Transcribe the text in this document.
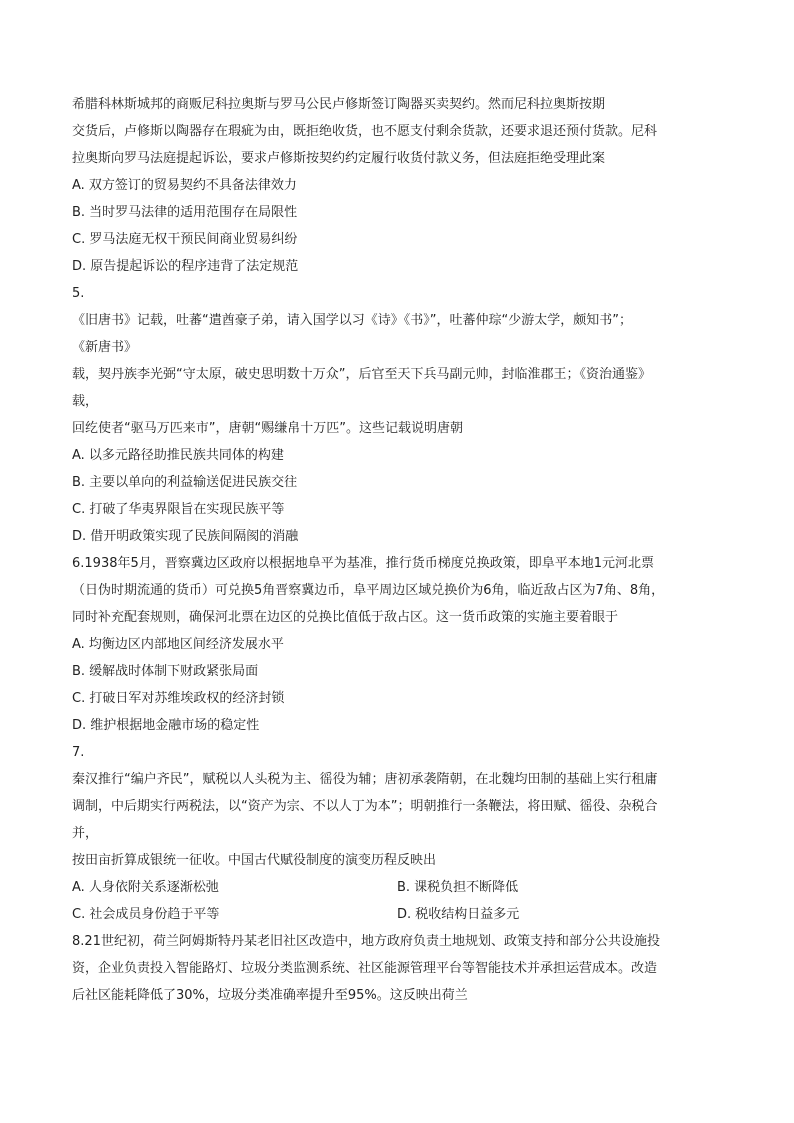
希腊科林斯城邦的商贩尼科拉奥斯与罗马公民卢修斯签订陶器买卖契约。然而尼科拉奥斯按期
交货后，卢修斯以陶器存在瑕疵为由，既拒绝收货，也不愿支付剩余货款，还要求退还预付货款。尼科
拉奥斯向罗马法庭提起诉讼，要求卢修斯按契约约定履行收货付款义务，但法庭拒绝受理此案
A. 双方签订的贸易契约不具备法律效力
B. 当时罗马法律的适用范围存在局限性
C. 罗马法庭无权干预民间商业贸易纠纷
D. 原告提起诉讼的程序违背了法定规范
5.
《旧唐书》记载，吐蕃“遣酋豪子弟，请入国学以习《诗》《书》”，吐蕃仲琮“少游太学，颇知书”；
《新唐书》
载，契丹族李光弼“守太原，破史思明数十万众”，后官至天下兵马副元帅，封临淮郡王；《资治通鉴》
载，
回纥使者“驱马万匹来市”，唐朝“赐缣帛十万匹”。这些记载说明唐朝
A. 以多元路径助推民族共同体的构建
B. 主要以单向的利益输送促进民族交往
C. 打破了华夷界限旨在实现民族平等
D. 借开明政策实现了民族间隔阂的消融
6.1938年5月，晋察冀边区政府以根据地阜平为基准，推行货币梯度兑换政策，即阜平本地1元河北票
（日伪时期流通的货币）可兑换5角晋察冀边币，阜平周边区域兑换价为6角，临近敌占区为7角、8角，
同时补充配套规则，确保河北票在边区的兑换比值低于敌占区。这一货币政策的实施主要着眼于
A. 均衡边区内部地区间经济发展水平
B. 缓解战时体制下财政紧张局面
C. 打破日军对苏维埃政权的经济封锁
D. 维护根据地金融市场的稳定性
7.
秦汉推行“编户齐民”，赋税以人头税为主、徭役为辅；唐初承袭隋朝，在北魏均田制的基础上实行租庸
调制，中后期实行两税法，以“资产为宗、不以人丁为本”；明朝推行一条鞭法，将田赋、徭役、杂税合
并，
按田亩折算成银统一征收。中国古代赋役制度的演变历程反映出
A. 人身依附关系逐渐松弛	B. 课税负担不断降低
C. 社会成员身份趋于平等	D. 税收结构日益多元
8.21世纪初，荷兰阿姆斯特丹某老旧社区改造中，地方政府负责土地规划、政策支持和部分公共设施投
资，企业负责投入智能路灯、垃圾分类监测系统、社区能源管理平台等智能技术并承担运营成本。改造
后社区能耗降低了30%，垃圾分类准确率提升至95%。这反映出荷兰
